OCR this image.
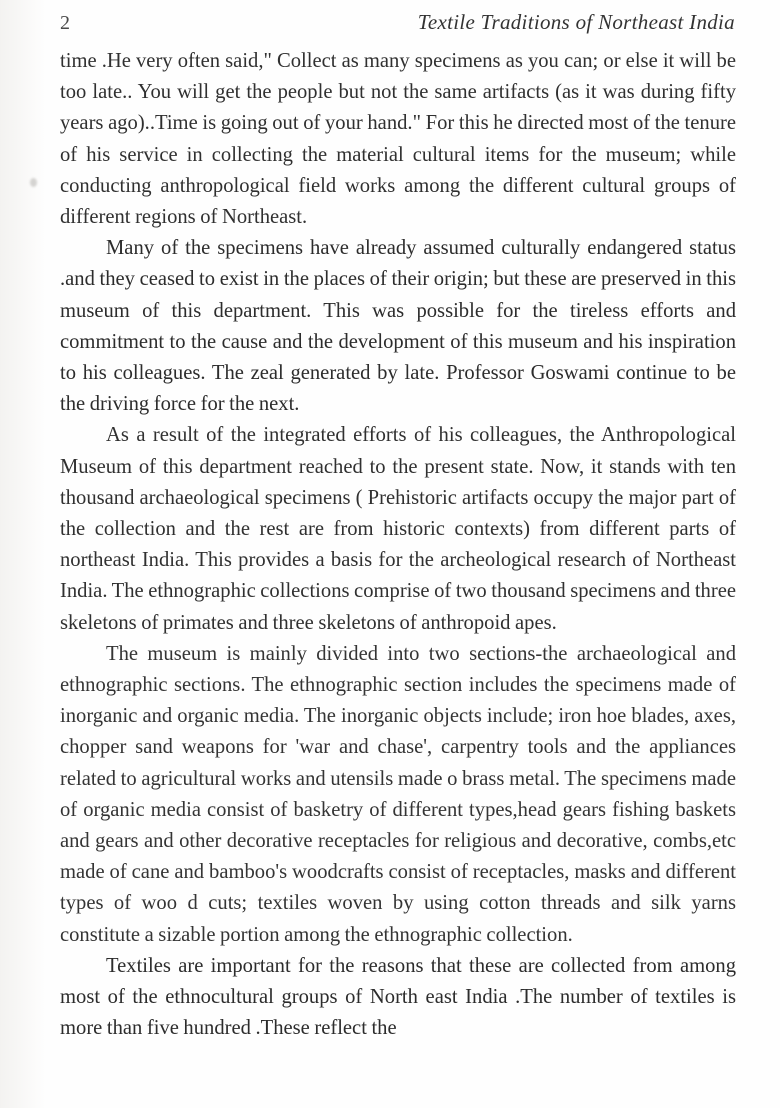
2	Textile Traditions of Northeast India

time .He very often said," Collect as many specimens as you can; or else it will be too late.. You will get the people but not the same artifacts (as it was during fifty years ago)..Time is going out of your hand." For this he directed most of the tenure of his service in collecting the material cultural items for the museum; while conducting anthropological field works among the different cultural groups of different regions of Northeast.

Many of the specimens have already assumed culturally endangered status .and they ceased to exist in the places of their origin; but these are preserved in this museum of this department. This was possible for the tireless efforts and commitment to the cause and the development of this museum and his inspiration to his colleagues. The zeal generated by late. Professor Goswami continue to be the driving force for the next.

As a result of the integrated efforts of his colleagues, the Anthropological Museum of this department reached to the present state. Now, it stands with ten thousand archaeological specimens ( Prehistoric artifacts occupy the major part of the collection and the rest are from historic contexts) from different parts of northeast India. This provides a basis for the archeological research of Northeast India. The ethnographic collections comprise of two thousand specimens and three skeletons of primates and three skeletons of anthropoid apes.

The museum is mainly divided into two sections-the archaeological and ethnographic sections. The ethnographic section includes the specimens made of inorganic and organic media. The inorganic objects include; iron hoe blades, axes, chopper sand weapons for 'war and chase', carpentry tools and the appliances related to agricultural works and utensils made o brass metal. The specimens made of organic media consist of basketry of different types,head gears fishing baskets and gears and other decorative receptacles for religious and decorative, combs,etc made of cane and bamboo's woodcrafts consist of receptacles, masks and different types of woo d cuts; textiles woven by using cotton threads and silk yarns constitute a sizable portion among the ethnographic collection.

Textiles are important for the reasons that these are collected from among most of the ethnocultural groups of North east India .The number of textiles is more than five hundred .These reflect the
